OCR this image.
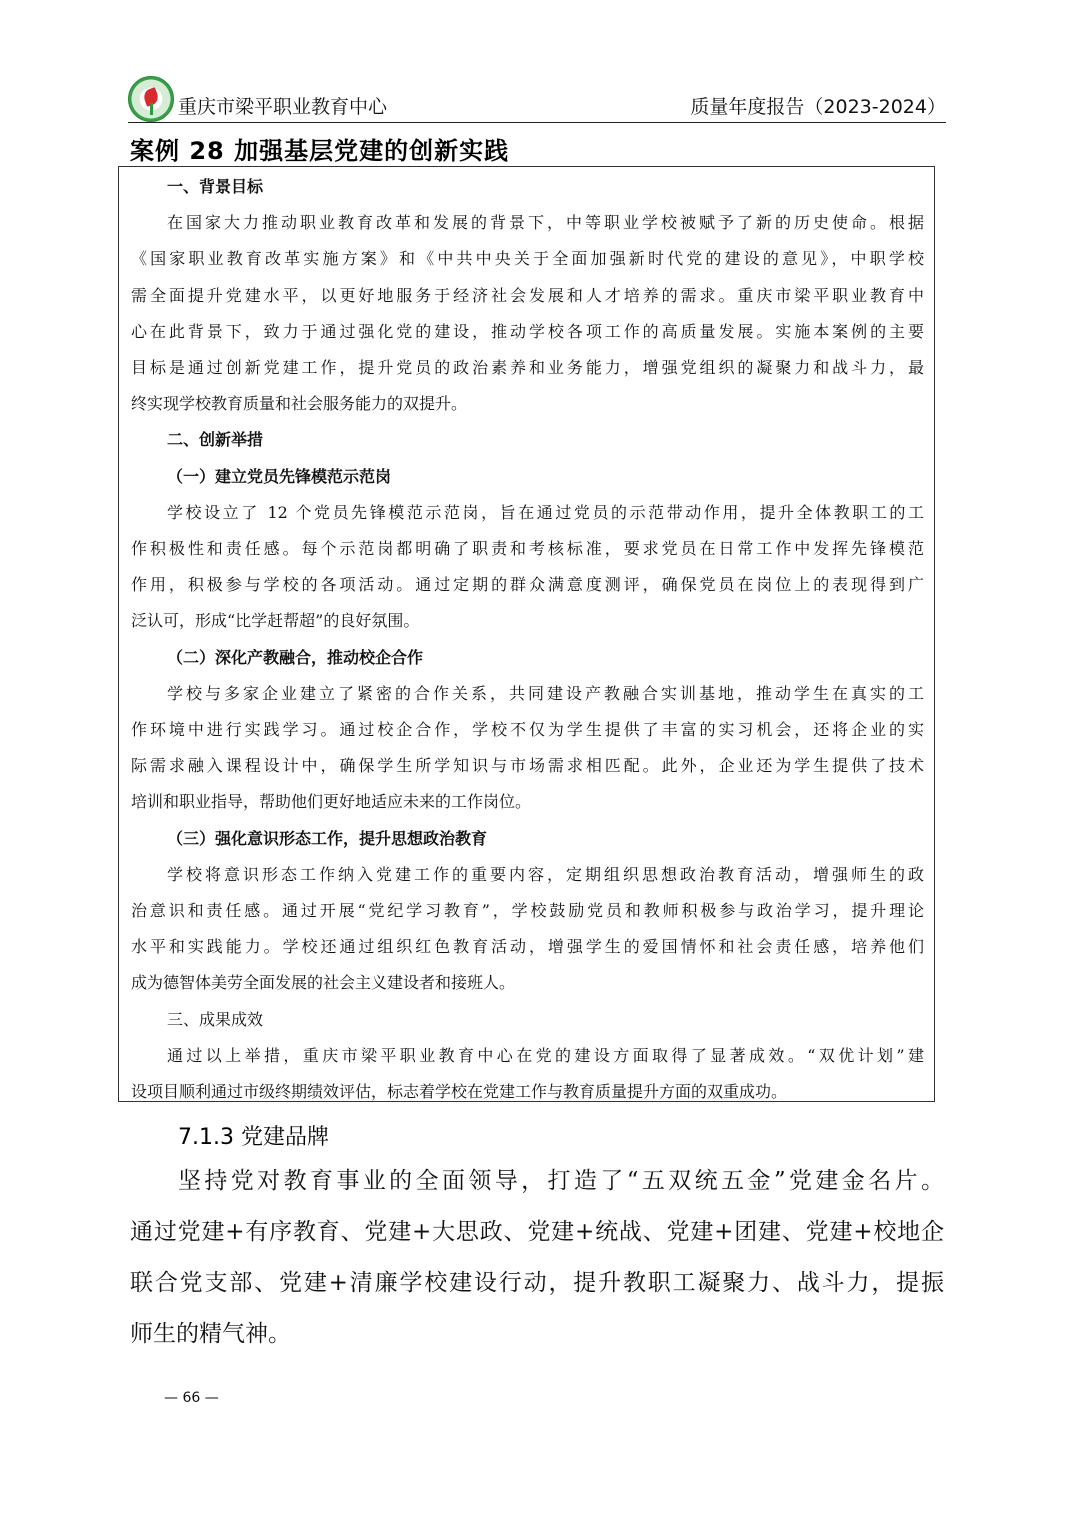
重庆市梁平职业教育中心	质量年度报告（2023-2024）
案例 28 加强基层党建的创新实践
一、背景目标
在国家大力推动职业教育改革和发展的背景下，中等职业学校被赋予了新的历史使命。根据
《国家职业教育改革实施方案》和《中共中央关于全面加强新时代党的建设的意见》，中职学校
需全面提升党建水平，以更好地服务于经济社会发展和人才培养的需求。重庆市梁平职业教育中
心在此背景下，致力于通过强化党的建设，推动学校各项工作的高质量发展。实施本案例的主要
目标是通过创新党建工作，提升党员的政治素养和业务能力，增强党组织的凝聚力和战斗力，最
终实现学校教育质量和社会服务能力的双提升。
二、创新举措
（一）建立党员先锋模范示范岗
学校设立了 12 个党员先锋模范示范岗，旨在通过党员的示范带动作用，提升全体教职工的工
作积极性和责任感。每个示范岗都明确了职责和考核标准，要求党员在日常工作中发挥先锋模范
作用，积极参与学校的各项活动。通过定期的群众满意度测评，确保党员在岗位上的表现得到广
泛认可，形成“比学赶帮超”的良好氛围。
（二）深化产教融合，推动校企合作
学校与多家企业建立了紧密的合作关系，共同建设产教融合实训基地，推动学生在真实的工
作环境中进行实践学习。通过校企合作，学校不仅为学生提供了丰富的实习机会，还将企业的实
际需求融入课程设计中，确保学生所学知识与市场需求相匹配。此外，企业还为学生提供了技术
培训和职业指导，帮助他们更好地适应未来的工作岗位。
（三）强化意识形态工作，提升思想政治教育
学校将意识形态工作纳入党建工作的重要内容，定期组织思想政治教育活动，增强师生的政
治意识和责任感。通过开展“党纪学习教育”，学校鼓励党员和教师积极参与政治学习，提升理论
水平和实践能力。学校还通过组织红色教育活动，增强学生的爱国情怀和社会责任感，培养他们
成为德智体美劳全面发展的社会主义建设者和接班人。
三、成果成效
通过以上举措，重庆市梁平职业教育中心在党的建设方面取得了显著成效。“双优计划”建
设项目顺利通过市级终期绩效评估，标志着学校在党建工作与教育质量提升方面的双重成功。
7.1.3 党建品牌
坚持党对教育事业的全面领导，打造了“五双统五金”党建金名片。
通过党建+有序教育、党建+大思政、党建+统战、党建+团建、党建+校地企
联合党支部、党建+清廉学校建设行动，提升教职工凝聚力、战斗力，提振
师生的精气神。
— 66 —
